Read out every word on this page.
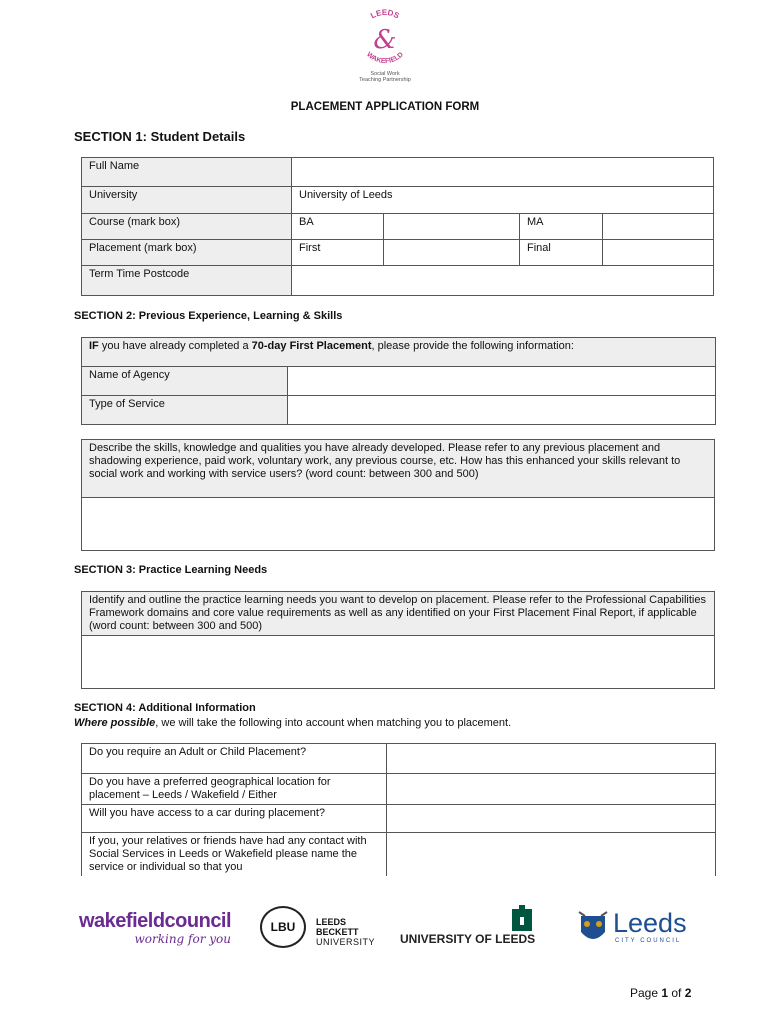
LEEDS
&
WAKEFIELD
Social Work
Teaching Partnership
PLACEMENT APPLICATION FORM
SECTION 1: Student Details
Full Name				
University	University of Leeds			
Course (mark box)	BA		MA	
Placement (mark box)	First		Final	
Term Time Postcode				
SECTION 2: Previous Experience, Learning & Skills
IF you have already completed a 70-day First Placement, please provide the following information:	
Name of Agency	
Type of Service	
Describe the skills, knowledge and qualities you have already developed. Please refer to any previous placement and shadowing experience, paid work, voluntary work, any previous course, etc. How has this enhanced your skills relevant to social work and working with service users? (word count: between 300 and 500)

SECTION 3: Practice Learning Needs
Identify and outline the practice learning needs you want to develop on placement. Please refer to the Professional Capabilities Framework domains and core value requirements as well as any identified on your First Placement Final Report, if applicable (word count: between 300 and 500)

SECTION 4: Additional Information
Where possible, we will take the following into account when matching you to placement.
Do you require an Adult or Child Placement?	
Do you have a preferred geographical location for placement – Leeds / Wakefield / Either	
Will you have access to a car during placement?	
If you, your relatives or friends have had any contact with Social Services in Leeds or Wakefield please name the service or individual so that you	
wakefieldcouncil
working for you
LBU	LEEDS
BECKETT
UNIVERSITY UNIVERSITY OF LEEDS
Leeds
CITY COUNCIL
Page 1 of 2
